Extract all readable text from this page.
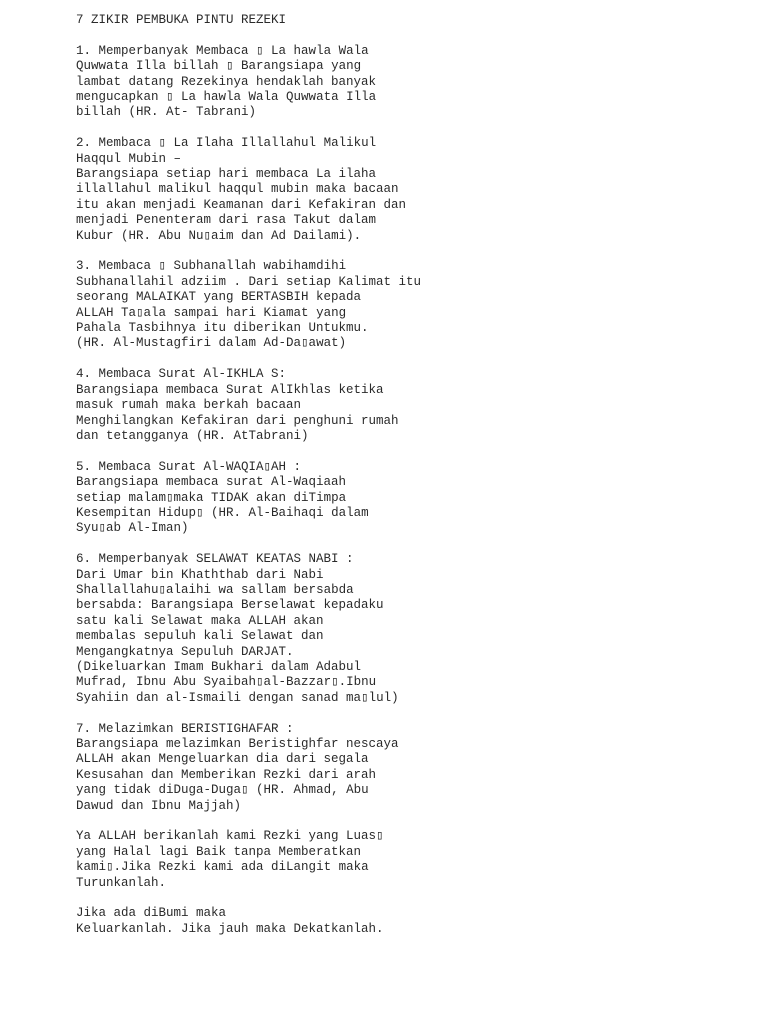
7 ZIKIR PEMBUKA PINTU REZEKI
1. Memperbanyak Membaca ▯ La hawla Wala
Quwwata Illa billah ▯ Barangsiapa yang
lambat datang Rezekinya hendaklah banyak
mengucapkan ▯ La hawla Wala Quwwata Illa
billah (HR. At- Tabrani)
2. Membaca ▯ La Ilaha Illallahul Malikul
Haqqul Mubin –
Barangsiapa setiap hari membaca La ilaha
illallahul malikul haqqul mubin maka bacaan
itu akan menjadi Keamanan dari Kefakiran dan
menjadi Penenteram dari rasa Takut dalam
Kubur (HR. Abu Nu▯aim dan Ad Dailami).
3. Membaca ▯ Subhanallah wabihamdihi
Subhanallahil adziim . Dari setiap Kalimat itu
seorang MALAIKAT yang BERTASBIH kepada
ALLAH Ta▯ala sampai hari Kiamat yang
Pahala Tasbihnya itu diberikan Untukmu.
(HR. Al-Mustagfiri dalam Ad-Da▯awat)
4. Membaca Surat Al-IKHLA S:
Barangsiapa membaca Surat AlIkhlas ketika
masuk rumah maka berkah bacaan
Menghilangkan Kefakiran dari penghuni rumah
dan tetangganya (HR. AtTabrani)
5. Membaca Surat Al-WAQIA▯AH :
Barangsiapa membaca surat Al-Waqiaah
setiap malam▯maka TIDAK akan diTimpa
Kesempitan Hidup▯ (HR. Al-Baihaqi dalam
Syu▯ab Al-Iman)
6. Memperbanyak SELAWAT KEATAS NABI :
Dari Umar bin Khaththab dari Nabi
Shallallahu▯alaihi wa sallam bersabda
bersabda: Barangsiapa Berselawat kepadaku
satu kali Selawat maka ALLAH akan
membalas sepuluh kali Selawat dan
Mengangkatnya Sepuluh DARJAT.
(Dikeluarkan Imam Bukhari dalam Adabul
Mufrad, Ibnu Abu Syaibah▯al-Bazzar▯.Ibnu
Syahiin dan al-Ismaili dengan sanad ma▯lul)
7. Melazimkan BERISTIGHAFAR :
Barangsiapa melazimkan Beristighfar nescaya
ALLAH akan Mengeluarkan dia dari segala
Kesusahan dan Memberikan Rezki dari arah
yang tidak diDuga-Duga▯ (HR. Ahmad, Abu
Dawud dan Ibnu Majjah)
Ya ALLAH berikanlah kami Rezki yang Luas▯
yang Halal lagi Baik tanpa Memberatkan
kami▯.Jika Rezki kami ada diLangit maka
Turunkanlah.
Jika ada diBumi maka
Keluarkanlah. Jika jauh maka Dekatkanlah.
